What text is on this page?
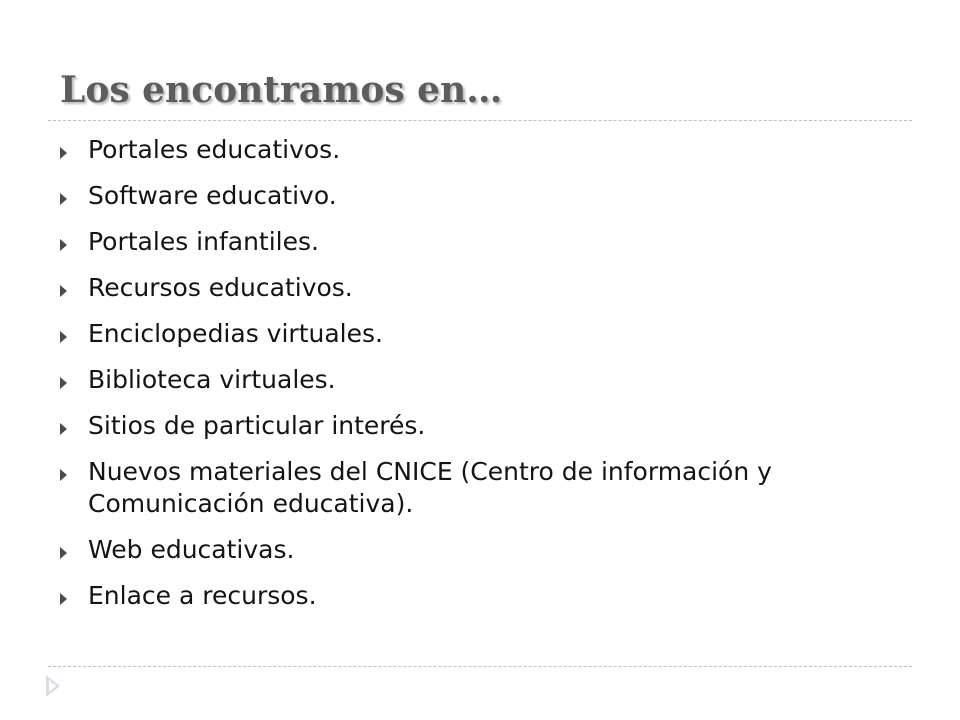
Los encontramos en…
Portales educativos.
Software educativo.
Portales infantiles.
Recursos educativos.
Enciclopedias virtuales.
Biblioteca virtuales.
Sitios de particular interés.
Nuevos materiales del CNICE (Centro de información y Comunicación educativa).
Web educativas.
Enlace a recursos.
